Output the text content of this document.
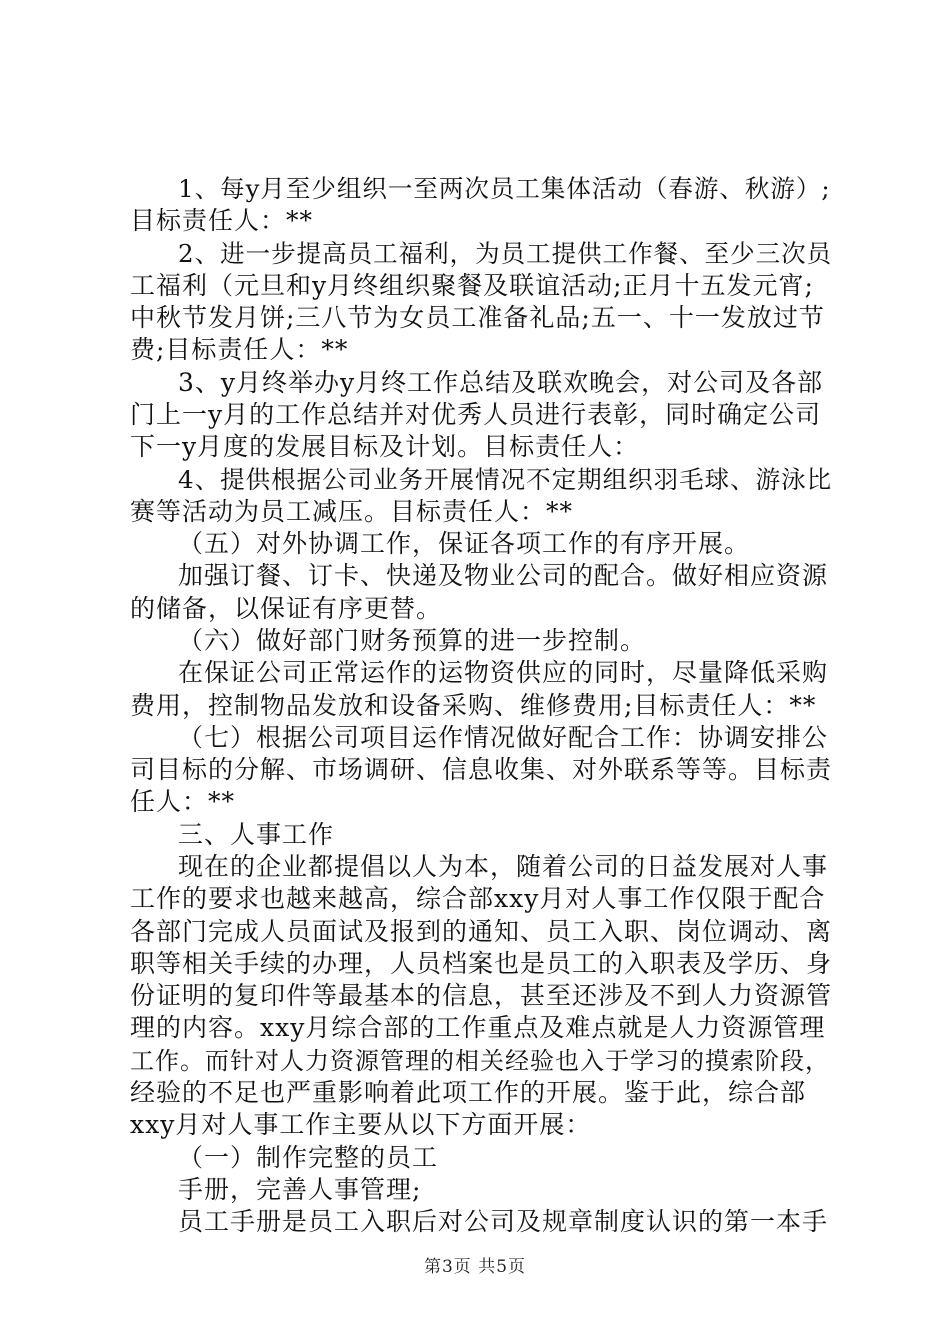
1、每y月至少组织一至两次员工集体活动（春游、秋游）;
目标责任人：**
2、进一步提高员工福利，为员工提供工作餐、至少三次员
工福利（元旦和y月终组织聚餐及联谊活动;正月十五发元宵;
中秋节发月饼;三八节为女员工准备礼品;五一、十一发放过节
费;目标责任人：**
3、y月终举办y月终工作总结及联欢晚会，对公司及各部
门上一y月的工作总结并对优秀人员进行表彰，同时确定公司
下一y月度的发展目标及计划。目标责任人：
4、提供根据公司业务开展情况不定期组织羽毛球、游泳比
赛等活动为员工减压。目标责任人：**
（五）对外协调工作，保证各项工作的有序开展。
加强订餐、订卡、快递及物业公司的配合。做好相应资源
的储备，以保证有序更替。
（六）做好部门财务预算的进一步控制。
在保证公司正常运作的运物资供应的同时，尽量降低采购
费用，控制物品发放和设备采购、维修费用;目标责任人：**
（七）根据公司项目运作情况做好配合工作：协调安排公
司目标的分解、市场调研、信息收集、对外联系等等。目标责
任人：**
三、人事工作
现在的企业都提倡以人为本，随着公司的日益发展对人事
工作的要求也越来越高，综合部xxy月对人事工作仅限于配合
各部门完成人员面试及报到的通知、员工入职、岗位调动、离
职等相关手续的办理，人员档案也是员工的入职表及学历、身
份证明的复印件等最基本的信息，甚至还涉及不到人力资源管
理的内容。xxy月综合部的工作重点及难点就是人力资源管理
工作。而针对人力资源管理的相关经验也入于学习的摸索阶段，
经验的不足也严重影响着此项工作的开展。鉴于此，综合部
xxy月对人事工作主要从以下方面开展：
（一）制作完整的员工
手册，完善人事管理;
员工手册是员工入职后对公司及规章制度认识的第一本手
第3页 共5页
